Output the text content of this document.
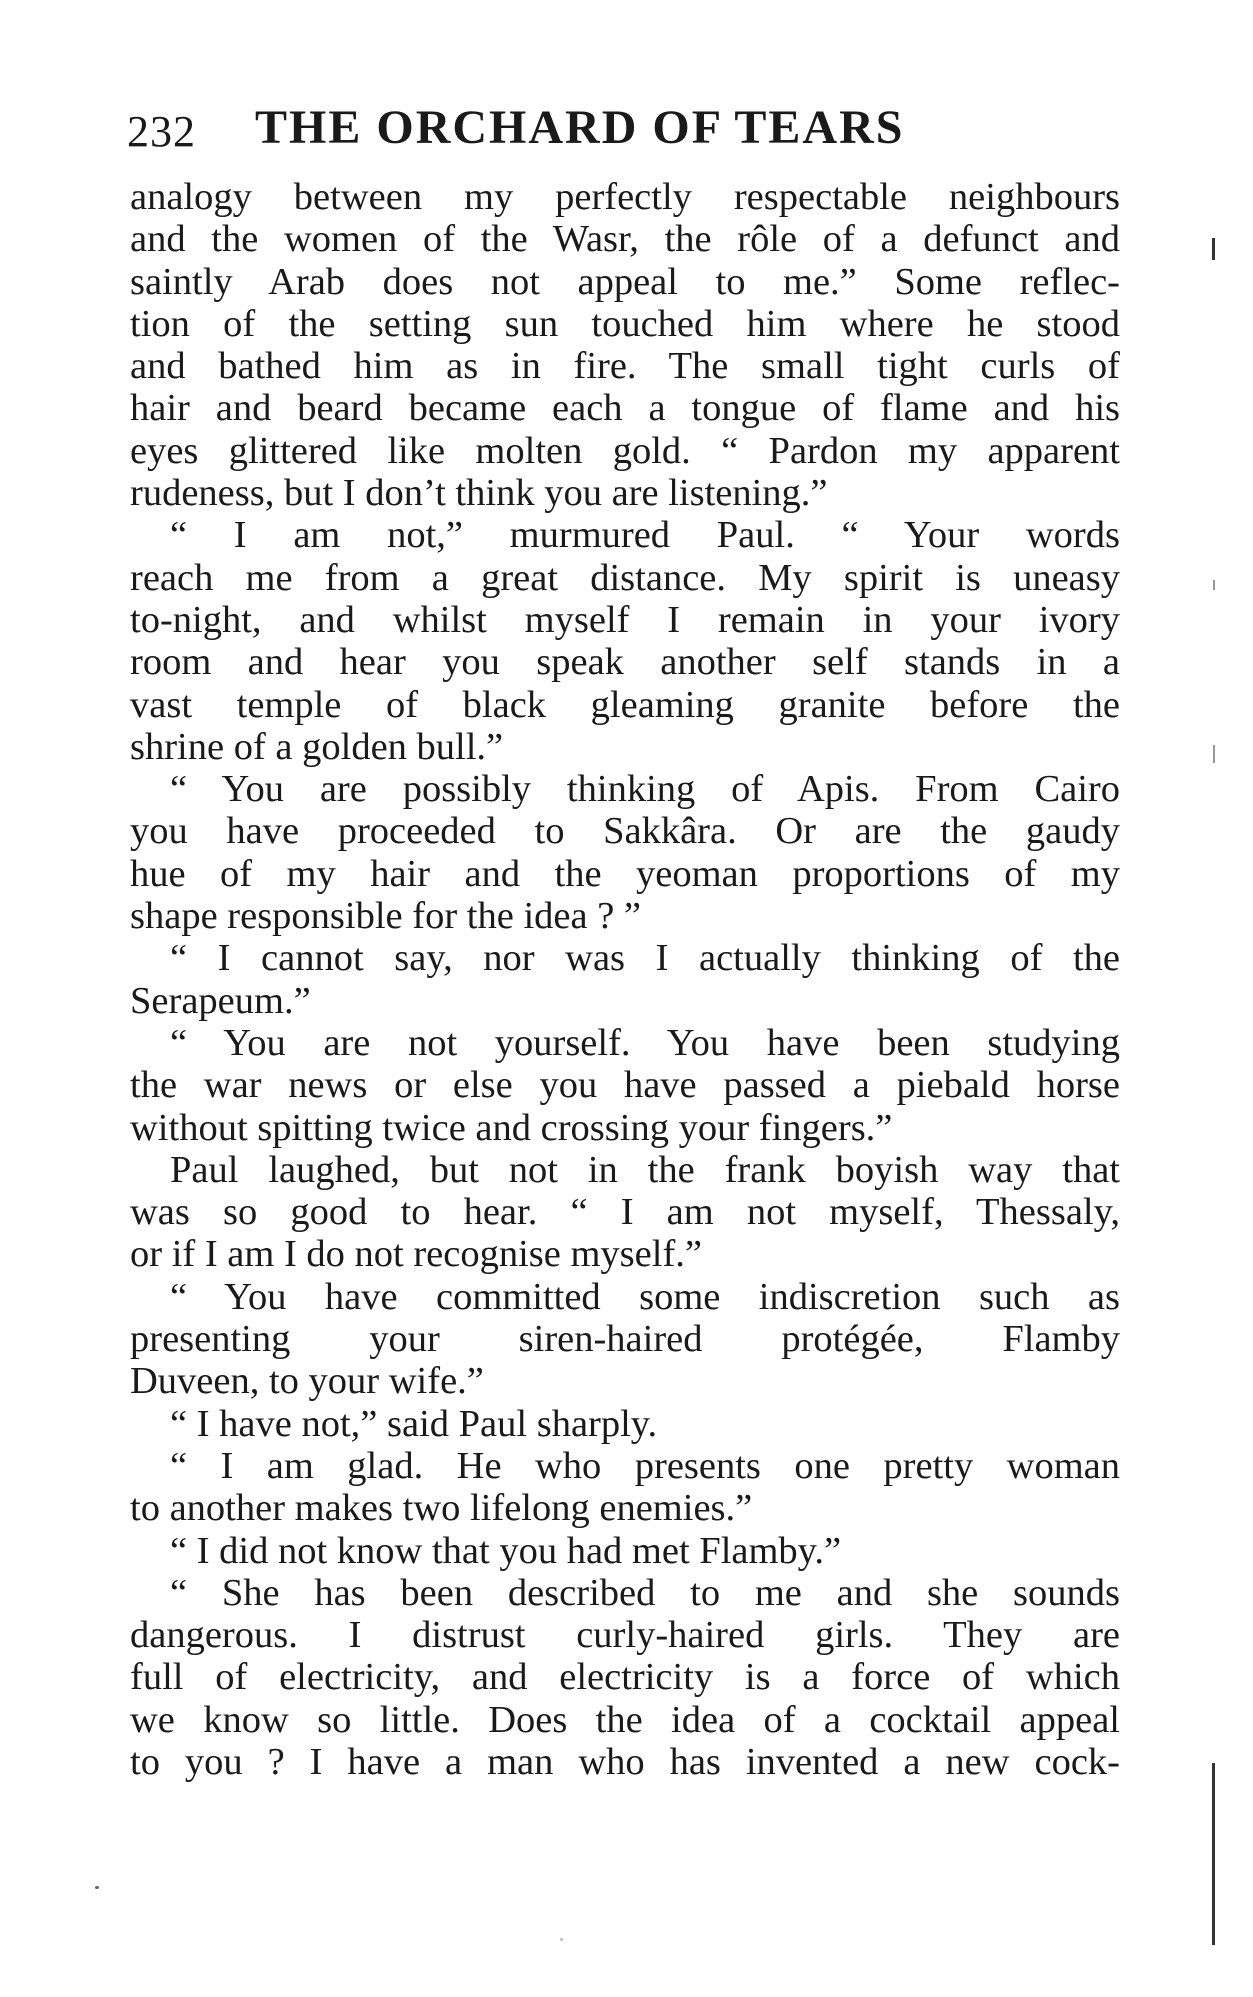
232 THE ORCHARD OF TEARS
analogy between my perfectly respectable neighbours
and the women of the Wasr, the rôle of a defunct and
saintly Arab does not appeal to me.” Some reflec-
tion of the setting sun touched him where he stood
and bathed him as in fire. The small tight curls of
hair and beard became each a tongue of flame and his
eyes glittered like molten gold. “ Pardon my apparent
rudeness, but I don’t think you are listening.”
“ I am not,” murmured Paul. “ Your words
reach me from a great distance. My spirit is uneasy
to-night, and whilst myself I remain in your ivory
room and hear you speak another self stands in a
vast temple of black gleaming granite before the
shrine of a golden bull.”
“ You are possibly thinking of Apis. From Cairo
you have proceeded to Sakkâra. Or are the gaudy
hue of my hair and the yeoman proportions of my
shape responsible for the idea ? ”
“ I cannot say, nor was I actually thinking of the
Serapeum.”
“ You are not yourself. You have been studying
the war news or else you have passed a piebald horse
without spitting twice and crossing your fingers.”
Paul laughed, but not in the frank boyish way that
was so good to hear. “ I am not myself, Thessaly,
or if I am I do not recognise myself.”
“ You have committed some indiscretion such as
presenting your siren-haired protégée, Flamby
Duveen, to your wife.”
“ I have not,” said Paul sharply.
“ I am glad. He who presents one pretty woman
to another makes two lifelong enemies.”
“ I did not know that you had met Flamby.”
“ She has been described to me and she sounds
dangerous. I distrust curly-haired girls. They are
full of electricity, and electricity is a force of which
we know so little. Does the idea of a cocktail appeal
to you ? I have a man who has invented a new cock-
